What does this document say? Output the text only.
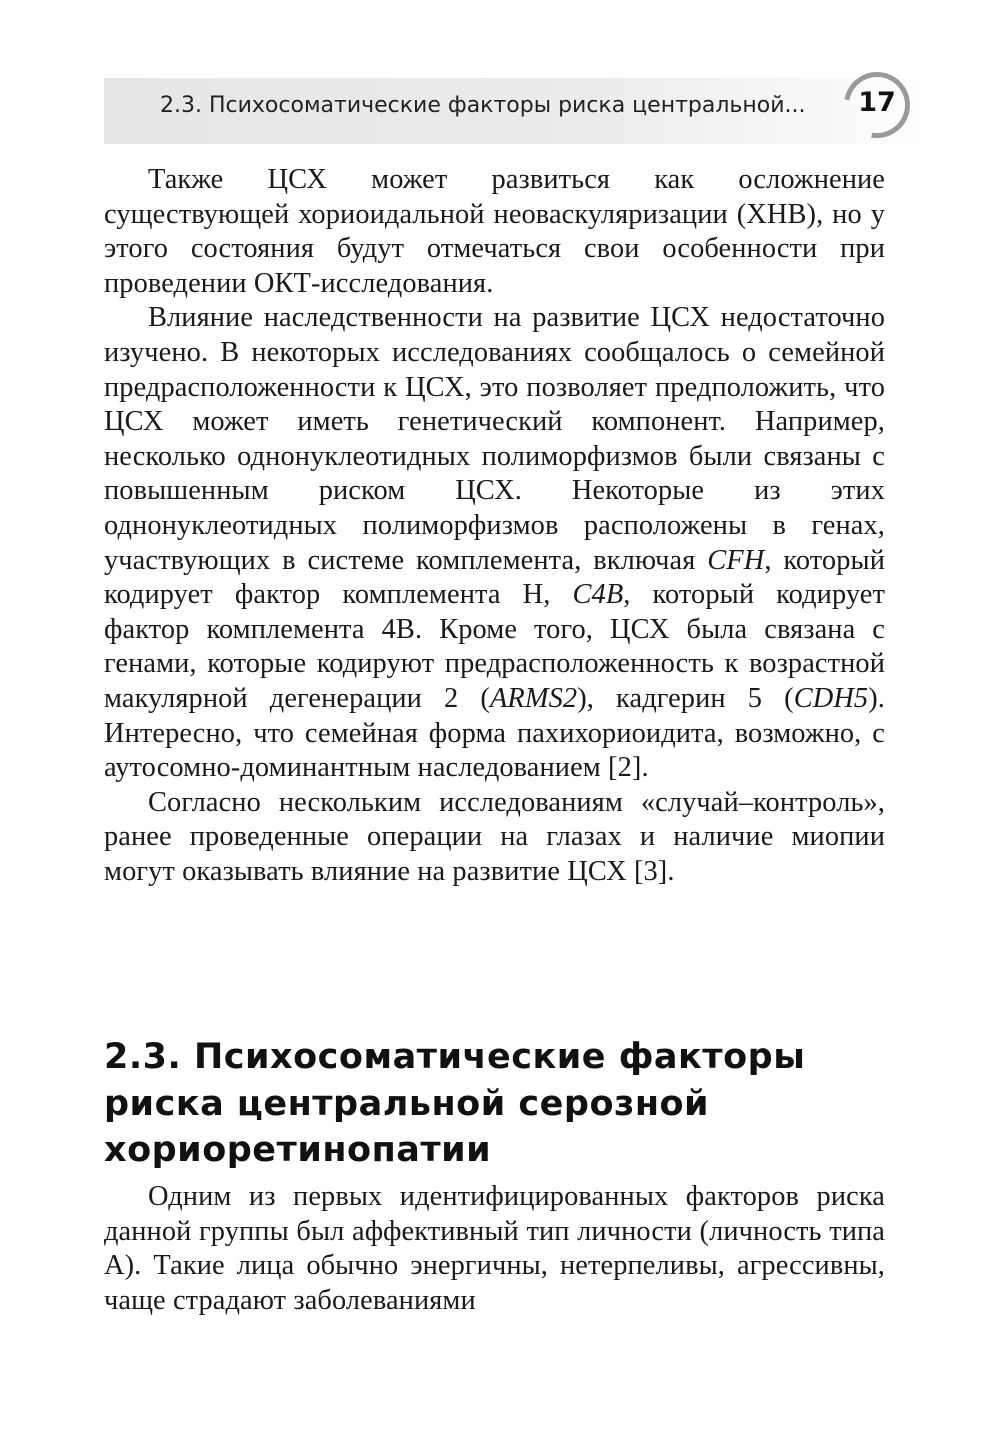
2.3. Психосоматические факторы риска центральной...	17

Также ЦСХ может развиться как осложнение существующей хориоидальной неоваскуляризации (ХНВ), но у этого состояния будут отмечаться свои особенности при проведении ОКТ-исследования.

Влияние наследственности на развитие ЦСХ недостаточно изучено. В некоторых исследованиях сообщалось о семейной предрасположенности к ЦСХ, это позволяет предположить, что ЦСХ может иметь генетический компонент. Например, несколько однонуклеотидных полиморфизмов были связаны с повышенным риском ЦСХ. Некоторые из этих однонуклеотидных полиморфизмов расположены в генах, участвующих в системе комплемента, включая CFH, который кодирует фактор комплемента Н, C4B, который кодирует фактор комплемента 4В. Кроме того, ЦСХ была связана с генами, которые кодируют предрасположенность к возрастной макулярной дегенерации 2 (ARMS2), кадгерин 5 (CDH5). Интересно, что семейная форма пахихориоидита, возможно, с аутосомно-доминантным наследованием [2].

Согласно нескольким исследованиям «случай–контроль», ранее проведенные операции на глазах и наличие миопии могут оказывать влияние на развитие ЦСХ [3].

2.3. Психосоматические факторы
риска центральной серозной
хориоретинопатии

Одним из первых идентифицированных факторов риска данной группы был аффективный тип личности (личность типа А). Такие лица обычно энергичны, нетерпеливы, агрессивны, чаще страдают заболеваниями
